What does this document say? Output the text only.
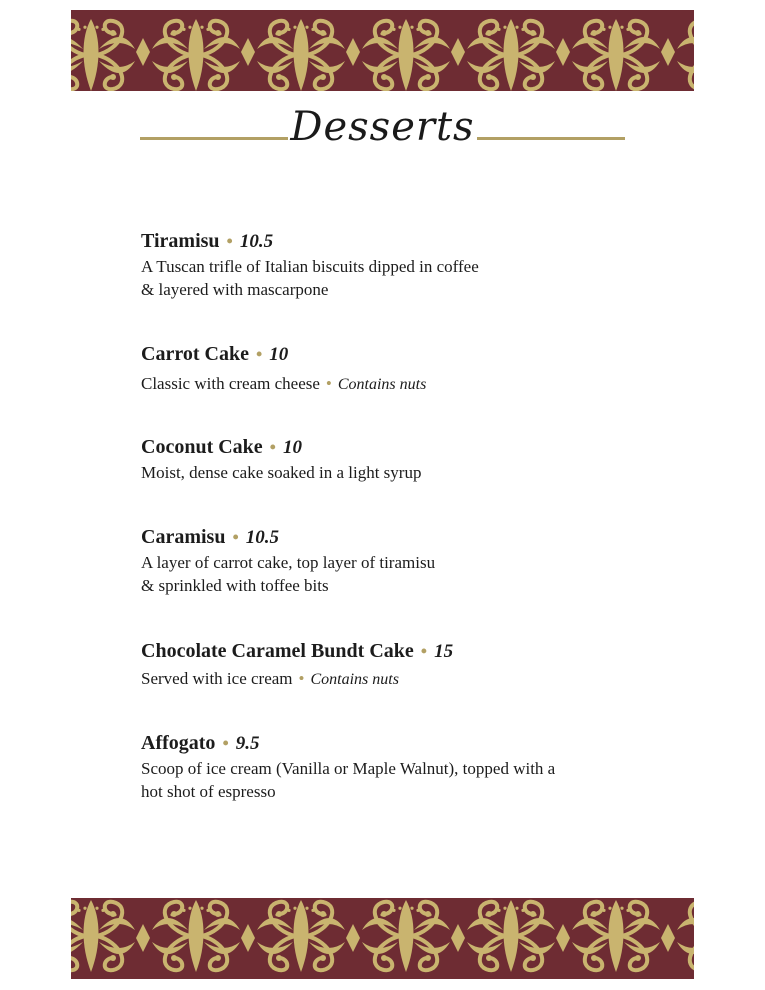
Desserts
Tiramisu • 10.5
A Tuscan trifle of Italian biscuits dipped in coffee
& layered with mascarpone
Carrot Cake • 10
Classic with cream cheese • Contains nuts
Coconut Cake • 10
Moist, dense cake soaked in a light syrup
Caramisu • 10.5
A layer of carrot cake, top layer of tiramisu
& sprinkled with toffee bits
Chocolate Caramel Bundt Cake • 15
Served with ice cream • Contains nuts
Affogato • 9.5
Scoop of ice cream (Vanilla or Maple Walnut), topped with a
hot shot of espresso
